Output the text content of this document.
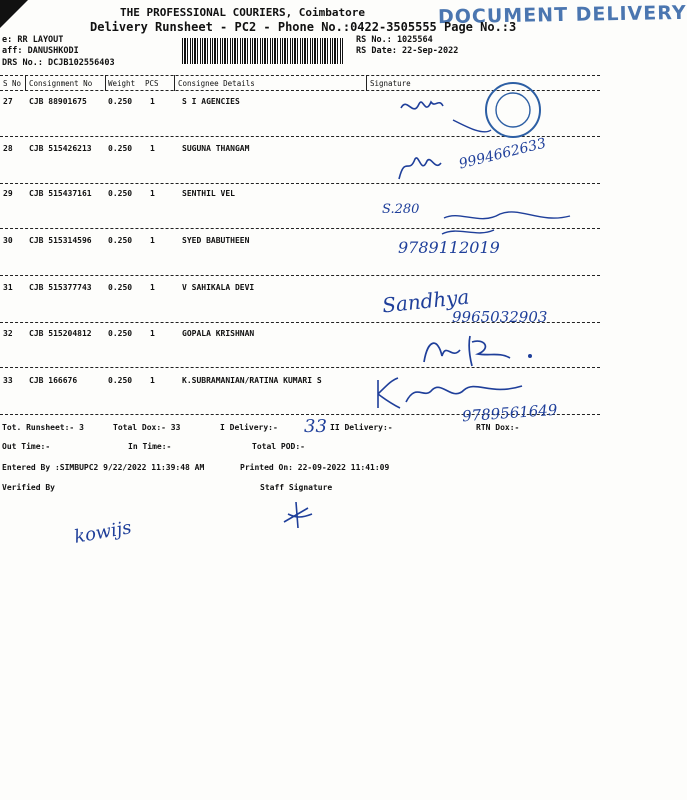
THE PROFESSIONAL COURIERS, Coimbatore	DOCUMENT DELIVERY
Delivery Runsheet - PC2 - Phone No.:0422-3505555 Page No.:3
e: RR LAYOUT
aff: DANUSHKODI
DRS No.: DCJB102556403
RS No.: 1025564
RS Date: 22-Sep-2022
S No Consignment No Weight PCS	Consignee Details	Signature
27 CJB 88901675	0.250 1	S I AGENCIES
28 CJB 515426213 0.250 1	SUGUNA THANGAM
29 CJB 515437161 0.250 1	SENTHIL VEL
30 CJB 515314596 0.250 1	SYED BABUTHEEN
31 CJB 515377743 0.250 1	V SAHIKALA DEVI
32 CJB 515204812 0.250 1	GOPALA KRISHNAN
33 CJB 166676	0.250 1	K.SUBRAMANIAN/RATINA KUMARI S
9994662633
S.280
9789112019
Sandhya
9965032903
9789561649
Tot. Runsheet:- 3	Total Dox:- 33	I Delivery:- 33 II Delivery:-	RTN Dox:-
Out Time:-	In Time:-	Total POD:-
Entered By :SIMBUPC2 9/22/2022 11:39:48 AM	Printed On: 22-09-2022 11:41:09
Verified By	Staff Signature
kowijs
